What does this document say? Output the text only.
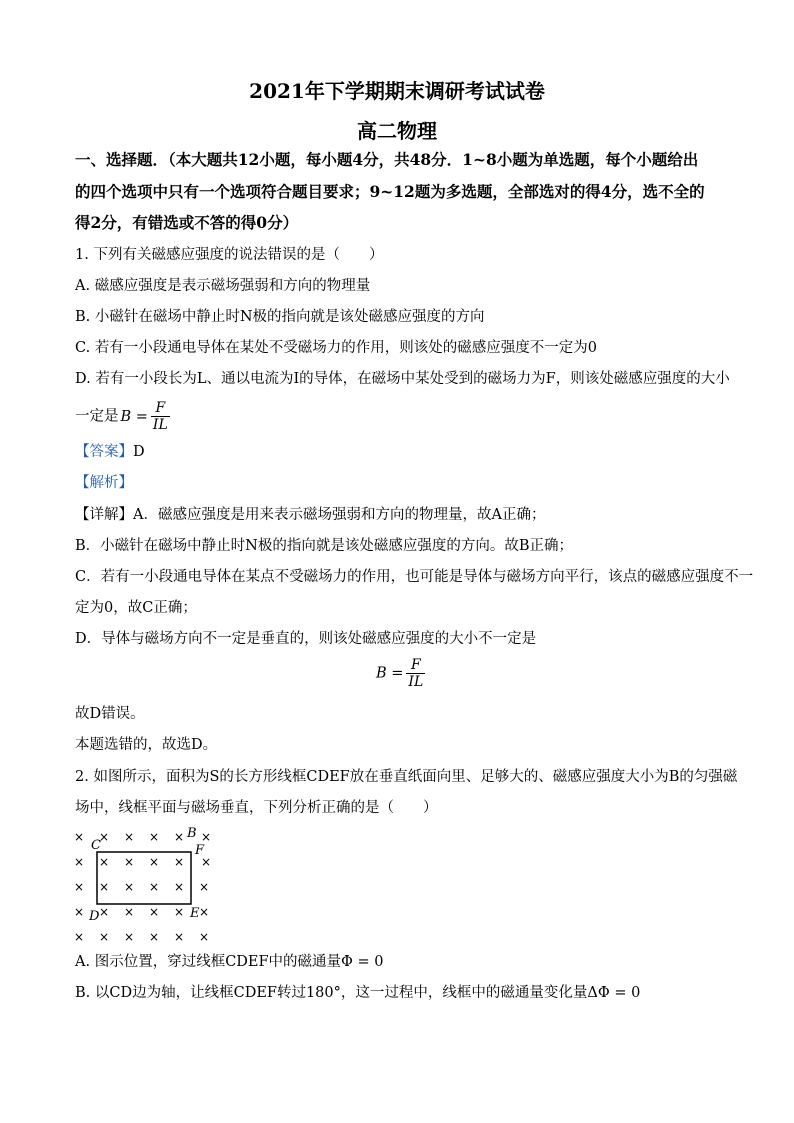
2021年下学期期末调研考试试卷
高二物理
一、选择题．（本大题共12小题，每小题4分，共48分．1~8小题为单选题，每个小题给出
的四个选项中只有一个选项符合题目要求；9~12题为多选题，全部选对的得4分，选不全的
得2分，有错选或不答的得0分）
1. 下列有关磁感应强度的说法错误的是（　　）
A. 磁感应强度是表示磁场强弱和方向的物理量
B. 小磁针在磁场中静止时N极的指向就是该处磁感应强度的方向
C. 若有一小段通电导体在某处不受磁场力的作用，则该处的磁感应强度不一定为0
D. 若有一小段长为L、通以电流为I的导体，在磁场中某处受到的磁场力为F，则该处磁感应强度的大小
一定是 $B = \frac{F}{IL}$
【答案】D
【解析】
【详解】A．磁感应强度是用来表示磁场强弱和方向的物理量，故A正确；
B．小磁针在磁场中静止时N极的指向就是该处磁感应强度的方向。故B正确；
C．若有一小段通电导体在某点不受磁场力的作用，也可能是导体与磁场方向平行，该点的磁感应强度不一
定为0，故C正确；
D．导体与磁场方向不一定是垂直的，则该处磁感应强度的大小不一定是
$B = \frac{F}{IL}$
故D错误。
本题选错的，故选D。
2. 如图所示，面积为S的长方形线框CDEF放在垂直纸面向里、足够大的、磁感应强度大小为B的匀强磁
场中，线框平面与磁场垂直，下列分析正确的是（　　）
× × × × × ×
× × × × × ×
× × × × × ×
× × × × × ×
× × × × × ×
B
C	F
D	E
A. 图示位置，穿过线框CDEF中的磁通量Φ = 0
B. 以CD边为轴，让线框CDEF转过180°，这一过程中，线框中的磁通量变化量ΔΦ = 0
